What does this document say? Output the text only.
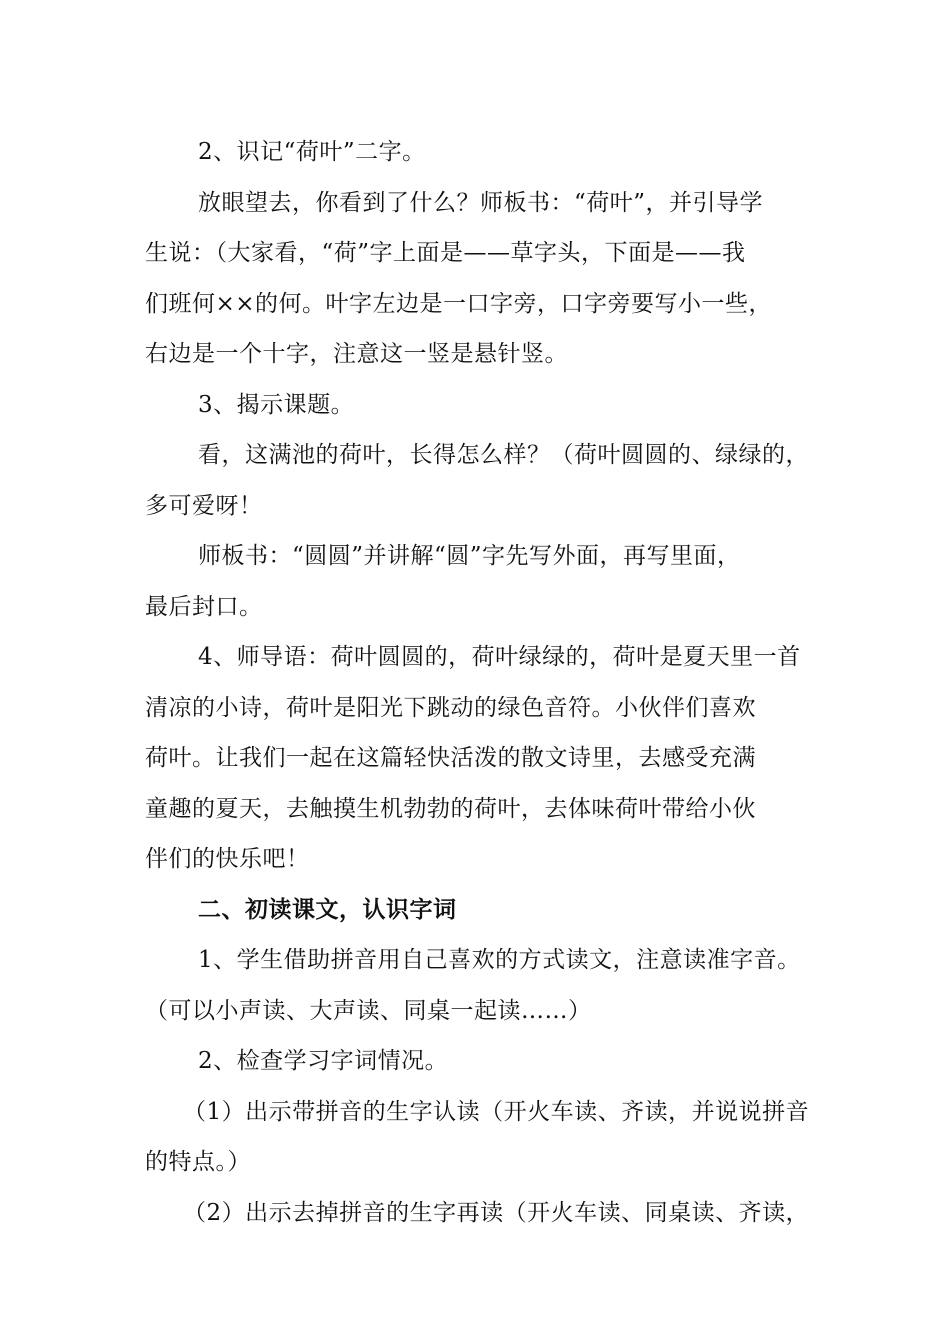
2、识记“荷叶”二字。

放眼望去，你看到了什么？师板书：“荷叶”，并引导学

生说：（大家看，“荷”字上面是——草字头，下面是——我

们班何××的何。叶字左边是一口字旁，口字旁要写小一些，

右边是一个十字，注意这一竖是悬针竖。

3、揭示课题。

看，这满池的荷叶，长得怎么样？（荷叶圆圆的、绿绿的，

多可爱呀！

师板书：“圆圆”并讲解“圆”字先写外面，再写里面，

最后封口。

4、师导语：荷叶圆圆的，荷叶绿绿的，荷叶是夏天里一首

清凉的小诗，荷叶是阳光下跳动的绿色音符。小伙伴们喜欢

荷叶。让我们一起在这篇轻快活泼的散文诗里，去感受充满

童趣的夏天，去触摸生机勃勃的荷叶，去体味荷叶带给小伙

伴们的快乐吧！

二、初读课文，认识字词

1、学生借助拼音用自己喜欢的方式读文，注意读准字音。

（可以小声读、大声读、同桌一起读……）

2、检查学习字词情况。

（1）出示带拼音的生字认读（开火车读、齐读，并说说拼音

的特点。）

（2）出示去掉拼音的生字再读（开火车读、同桌读、齐读，
